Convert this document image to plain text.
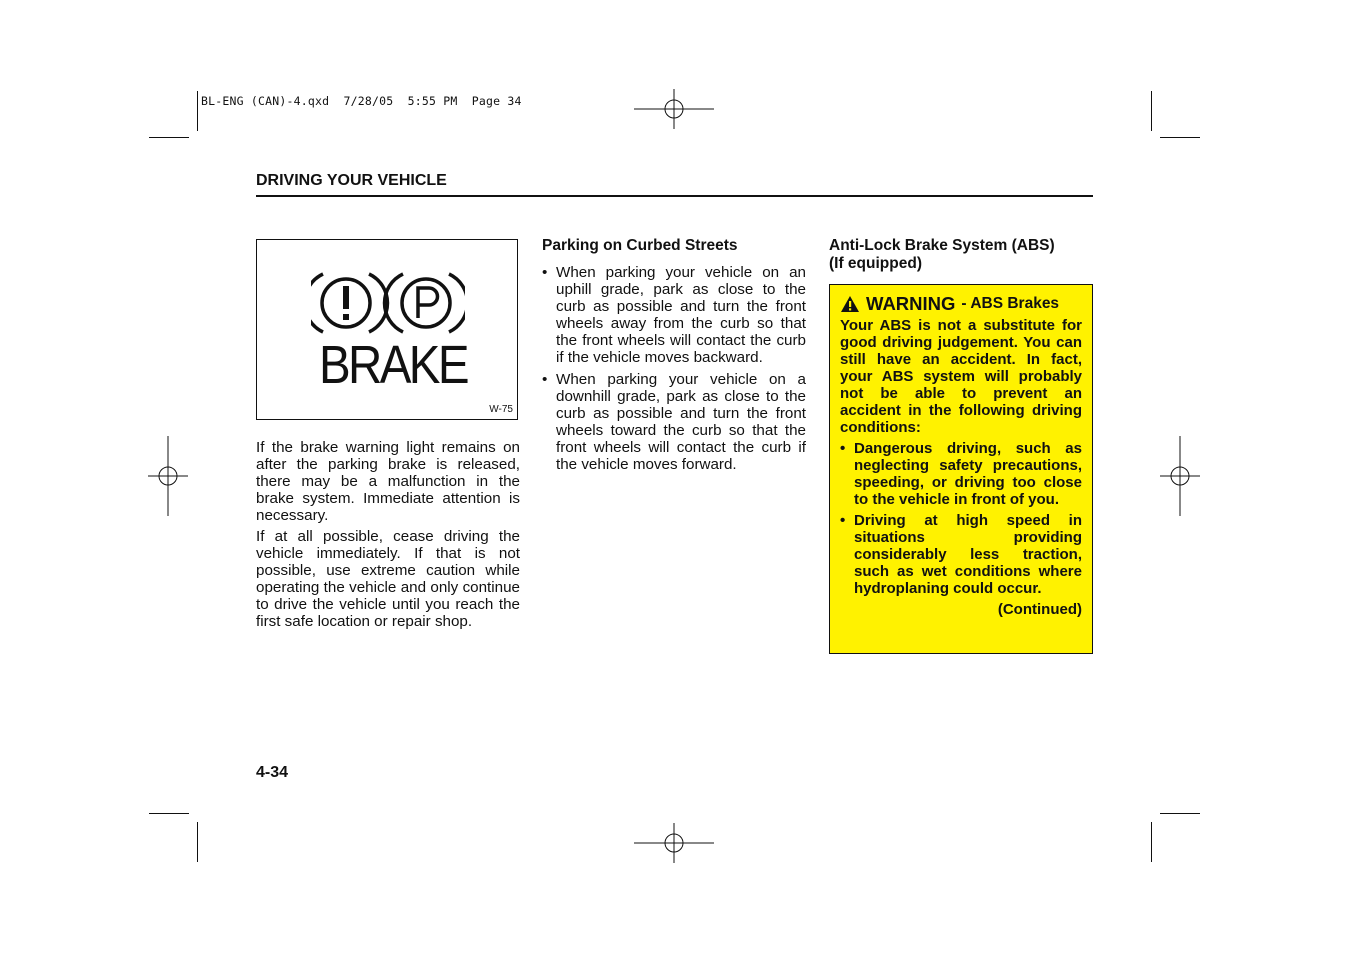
BL-ENG (CAN)-4.qxd  7/28/05  5:55 PM  Page 34
DRIVING YOUR VEHICLE
BRAKE
W-75

If the brake warning light remains on after the parking brake is released, there may be a malfunction in the brake system. Immediate attention is necessary.

If at all possible, cease driving the vehicle immediately. If that is not possible, use extreme caution while operating the vehicle and only continue to drive the vehicle until you reach the first safe location or repair shop.

Parking on Curbed Streets
• When parking your vehicle on an uphill grade, park as close to the curb as possible and turn the front wheels away from the curb so that the front wheels will contact the curb if the vehicle moves backward.
• When parking your vehicle on a downhill grade, park as close to the curb as possible and turn the front wheels toward the curb so that the front wheels will contact the curb if the vehicle moves forward.
Anti-Lock Brake System (ABS)
(If equipped)
WARNING - ABS Brakes

Your ABS is not a substitute for good driving judgement. You can still have an accident. In fact, your ABS system will probably not be able to prevent an accident in the following driving conditions:

• Dangerous driving, such as neglecting safety precautions, speeding, or driving too close to the vehicle in front of you.
• Driving at high speed in situations providing considerably less traction, such as wet conditions where hydroplaning could occur.
(Continued)
4-34
